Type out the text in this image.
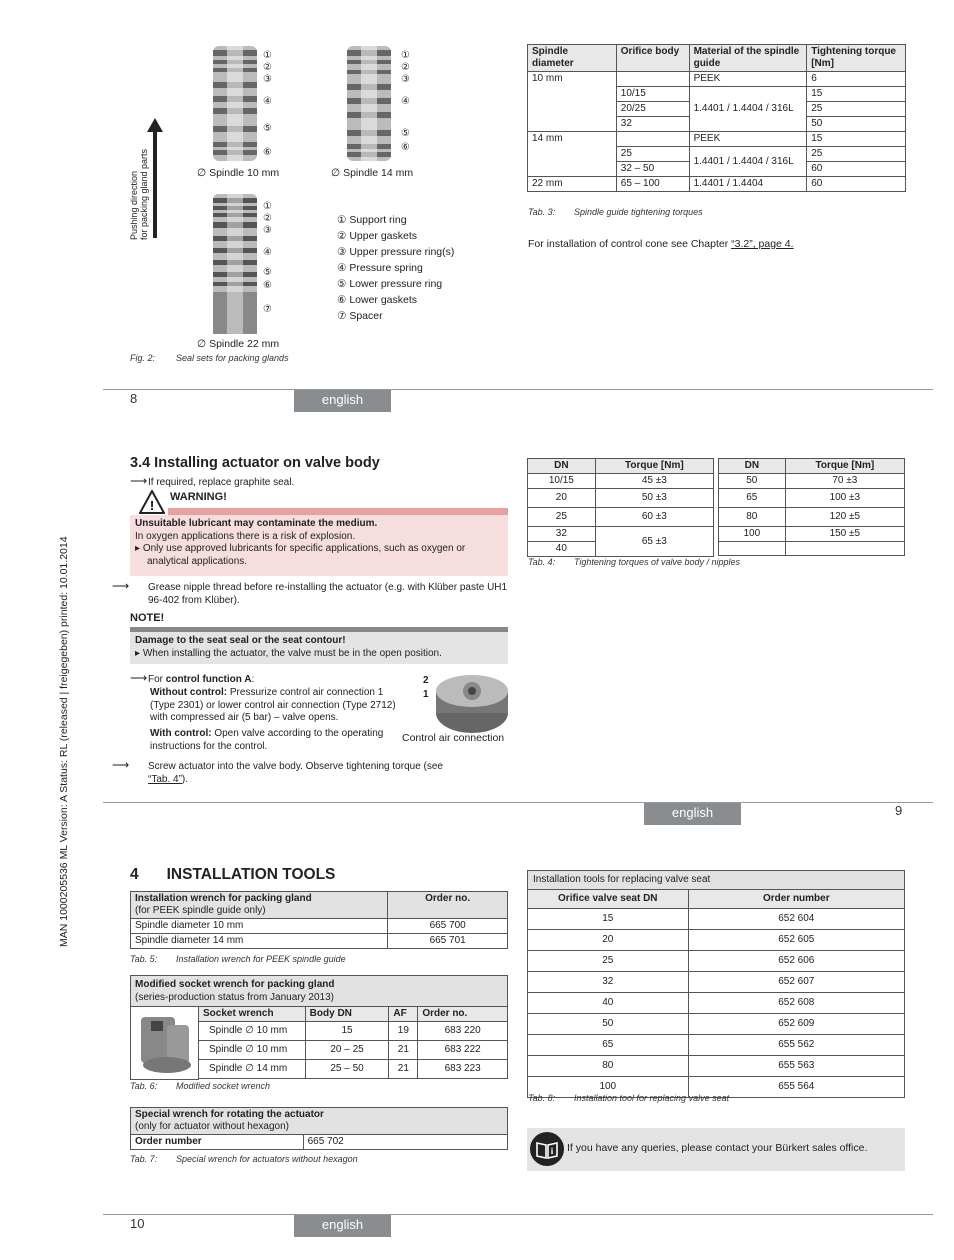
MAN 1000205536 ML Version: A Status: RL (released | freigegeben) printed: 10.01.2014
Pushing direction for packing gland parts
①
②
③
④
⑤
⑥
∅ Spindle 10 mm
①
②
③
④
⑤
⑥
∅ Spindle 14 mm
①
②
③
④
⑤
⑥
⑦
∅ Spindle 22 mm
① Support ring
② Upper gaskets
③ Upper pressure ring(s)
④ Pressure spring
⑤ Lower pressure ring
⑥ Lower gaskets
⑦ Spacer
Fig. 2: Seal sets for packing glands
Spindle diameter	Orifice body	Material of the spindle guide	Tightening torque [Nm]
10 mm		PEEK	6
	10/15	1.4401 / 1.4404 / 316L	15
	20/25		25
	32		50
14 mm		PEEK	15
	25	1.4401 / 1.4404 / 316L	25
	32 – 50		60
22 mm	65 – 100	1.4401 / 1.4404	60
Tab. 3: Spindle guide tightening torques
For installation of control cone see Chapter “3.2”, page 4.
8	english
3.4 Installing actuator on valve body
⟶If required, replace graphite seal.
!
WARNING!
Unsuitable lubricant may contaminate the medium.
In oxygen applications there is a risk of explosion.
▸ Only use approved lubricants for specific applications, such as oxygen or analytical applications.
⟶ Grease nipple thread before re-installing the actuator (e.g. with Klüber paste UH1 96-402 from Klüber).
NOTE!
Damage to the seat seal or the seat contour!
▸ When installing the actuator, the valve must be in the open position.
⟶For control function A:
Without control: Pressurize control air connection 1 (Type 2301) or lower control air connection (Type 2712) with compressed air (5 bar) – valve opens.
With control: Open valve according to the operating instructions for the control.
2
1
Control air connection
⟶ Screw actuator into the valve body. Observe tightening torque (see “Tab. 4”).
DN	Torque [Nm]
10/15	45 ±3
20	50 ±3
25	60 ±3
32	65 ±3
40	
DN	Torque [Nm]
50	70 ±3
65	100 ±3
80	120 ±5
100	150 ±5

Tab. 4: Tightening torques of valve body / nipples
english	9
4 INSTALLATION TOOLS
Installation wrench for packing gland
(for PEEK spindle guide only)	Order no.
Spindle diameter 10 mm	665 700
Spindle diameter 14 mm	665 701
Tab. 5: Installation wrench for PEEK spindle guide
Modified socket wrench for packing gland
(series-production status from January 2013)
Socket wrench	Body DN	AF	Order no.
Spindle ∅ 10 mm	15	19	683 220
Spindle ∅ 10 mm	20 – 25	21	683 222
Spindle ∅ 14 mm	25 – 50	21	683 223
Tab. 6: Modified socket wrench
Special wrench for rotating the actuator
(only for actuator without hexagon)
Order number	665 702
Tab. 7: Special wrench for actuators without hexagon
Installation tools for replacing valve seat	
Orifice valve seat DN	Order number
15	652 604
20	652 605
25	652 606
32	652 607
40	652 608
50	652 609
65	655 562
80	655 563
100	655 564
Tab. 8: Installation tool for replacing valve seat
i If you have any queries, please contact your Bürkert sales office.
10	english
